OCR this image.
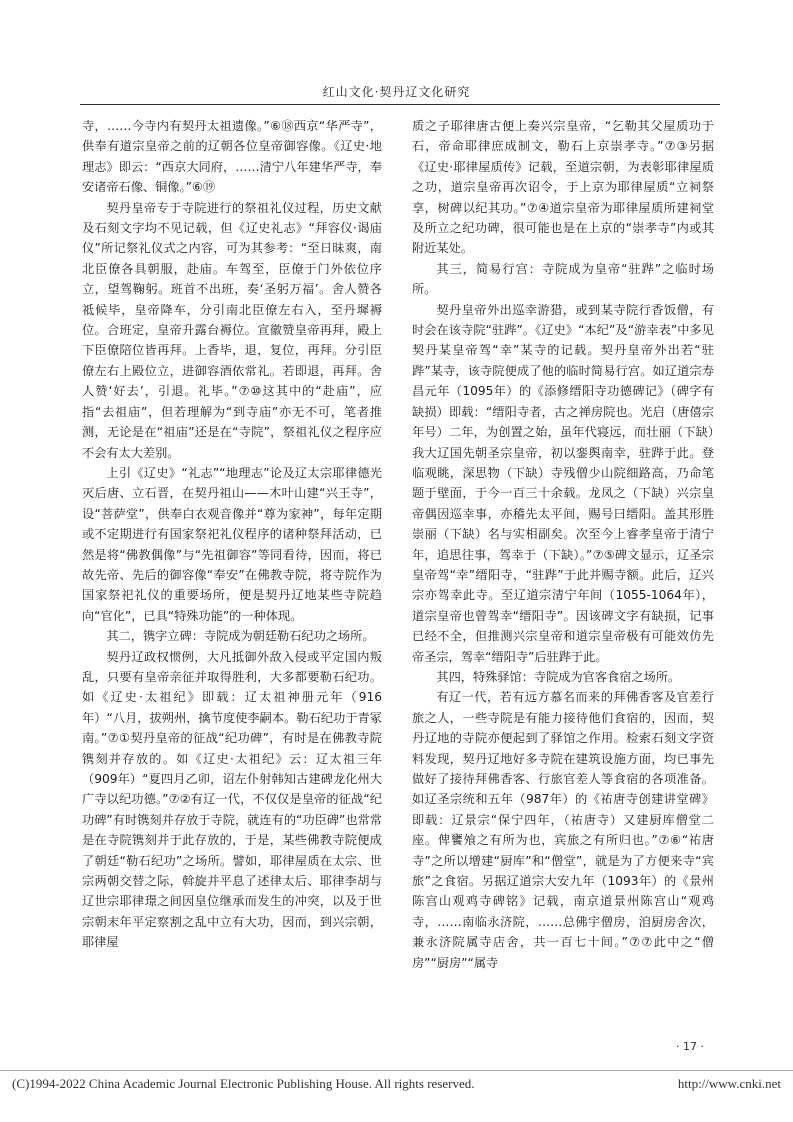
红山文化·契丹辽文化研究

寺，……今寺内有契丹太祖遗像。”⑥⑱西京“华严寺”，供奉有道宗皇帝之前的辽朝各位皇帝御容像。《辽史·地理志》即云：“西京大同府，……清宁八年建华严寺，奉安诸帝石像、铜像。”⑥⑲

契丹皇帝专于寺院进行的祭祖礼仪过程，历史文献及石刻文字均不见记载，但《辽史礼志》“拜容仪·谒庙仪”所记祭礼仪式之内容，可为其参考：“至日昧爽，南北臣僚各具朝服，赴庙。车驾至，臣僚于门外依位序立，望驾鞠躬。班首不出班，奏‘圣躬万福’。舍人赞各祗候毕，皇帝降车，分引南北臣僚左右入，至丹墀褥位。合班定，皇帝升露台褥位。宣徽赞皇帝再拜，殿上下臣僚陪位皆再拜。上香毕，退，复位，再拜。分引臣僚左右上殿位立，进御容酒依常礼。若即退，再拜。舍人赞‘好去’，引退。礼毕。”⑦⑩这其中的“赴庙”，应指“去祖庙”，但若理解为“到寺庙”亦无不可，笔者推测，无论是在“祖庙”还是在“寺院”，祭祖礼仪之程序应不会有太大差别。

上引《辽史》“礼志”“地理志”论及辽太宗耶律德光灭后唐、立石晋，在契丹祖山——木叶山建“兴王寺”，设“菩萨堂”，供奉白衣观音像并“尊为家神”，每年定期或不定期进行有国家祭祀礼仪程序的诸种祭拜活动，已然是将“佛教偶像”与“先祖御容”等同看待，因而，将已故先帝、先后的御容像“奉安”在佛教寺院，将寺院作为国家祭祀礼仪的重要场所，便是契丹辽地某些寺院趋向“官化”，已具“特殊功能”的一种体现。

其二，镌字立碑：寺院成为朝廷勒石纪功之场所。

契丹辽政权惯例，大凡抵御外敌入侵或平定国内叛乱，只要有皇帝亲征并取得胜利，大多都要勒石纪功。如《辽史·太祖纪》即载：辽太祖神册元年（916年）“八月，拔朔州，擒节度使李嗣本。勒石纪功于青冢南。”⑦①契丹皇帝的征战“纪功碑”，有时是在佛教寺院镌刻并存放的。如《辽史·太祖纪》云：辽太祖三年（909年）“夏四月乙卯，诏左仆射韩知古建碑龙化州大广寺以纪功德。”⑦②有辽一代，不仅仅是皇帝的征战“纪功碑”有时镌刻并存放于寺院，就连有的“功臣碑”也常常是在寺院镌刻并于此存放的，于是，某些佛教寺院便成了朝廷“勒石纪功”之场所。譬如，耶律屋质在太宗、世宗两朝交替之际，斡旋并平息了述律太后、耶律李胡与辽世宗耶律璟之间因皇位继承而发生的冲突，以及于世宗朝末年平定察割之乱中立有大功，因而，到兴宗朝，耶律屋

质之子耶律唐古便上奏兴宗皇帝，“乞勒其父屋质功于石，帝命耶律庶成制文，勒石上京崇孝寺。”⑦③另据《辽史·耶律屋质传》记载，至道宗朝，为表彰耶律屋质之功，道宗皇帝再次诏令，于上京为耶律屋质“立祠祭享，树碑以纪其功。”⑦④道宗皇帝为耶律屋质所建祠堂及所立之纪功碑，很可能也是在上京的“崇孝寺”内或其附近某处。

其三，简易行宫：寺院成为皇帝“驻跸”之临时场所。

契丹皇帝外出巡幸游猎，或到某寺院行香饭僧，有时会在该寺院“驻跸”。《辽史》“本纪”及“游幸表”中多见契丹某皇帝驾“幸”某寺的记载。契丹皇帝外出若“驻跸”某寺，该寺院便成了他的临时简易行宫。如辽道宗寿昌元年（1095年）的《添修缙阳寺功德碑记》（碑字有缺损）即载：“缙阳寺者，古之禅房院也。光启（唐僖宗年号）二年，为创置之始，虽年代寝远，而壮丽（下缺）我大辽国先朝圣宗皇帝，初以銮舆南幸，驻跸于此。登临观眺，深思物（下缺）寺残僧少山院细路高，乃命笔题于壁面，于今一百三十余载。龙凤之（下缺）兴宗皇帝偶因巡幸事，亦稽先太平间，赐号曰缙阳。盖其形胜崇丽（下缺）名与实相副矣。次至今上睿孝皇帝于清宁年，追思往事，驾幸于（下缺）。”⑦⑤碑文显示，辽圣宗皇帝驾“幸”缙阳寺，“驻跸”于此并赐寺额。此后，辽兴宗亦驾幸此寺。至辽道宗清宁年间（1055-1064年），道宗皇帝也曾驾幸“缙阳寺”。因该碑文字有缺损，记事已经不全，但推测兴宗皇帝和道宗皇帝极有可能效仿先帝圣宗，驾幸“缙阳寺”后驻跸于此。

其四，特殊驿馆：寺院成为官客食宿之场所。

有辽一代，若有远方慕名而来的拜佛香客及官差行旅之人，一些寺院是有能力接待他们食宿的，因而，契丹辽地的寺院亦便起到了驿馆之作用。检索石刻文字资料发现，契丹辽地好多寺院在建筑设施方面，均已事先做好了接待拜佛香客、行旅官差人等食宿的各项准备。如辽圣宗统和五年（987年）的《祐唐寺创建讲堂碑》即载：辽景宗“保宁四年，（祐唐寺）又建厨库僧堂二座。俾饔飧之有所为也，宾旅之有所归也。”⑦⑥“祐唐寺”之所以增建“厨库”和“僧堂”，就是为了方便来寺“宾旅”之食宿。另据辽道宗大安九年（1093年）的《景州陈宫山观鸡寺碑铭》记载，南京道景州陈宫山“观鸡寺，……南临永济院，……总佛宇僧房，洎厨房舍次，兼永济院属寺店舍，共一百七十间。”⑦⑦此中之“僧房”“厨房”“属寺

· 17 ·
(C)1994-2022 China Academic Journal Electronic Publishing House. All rights reserved.	http://www.cnki.net
